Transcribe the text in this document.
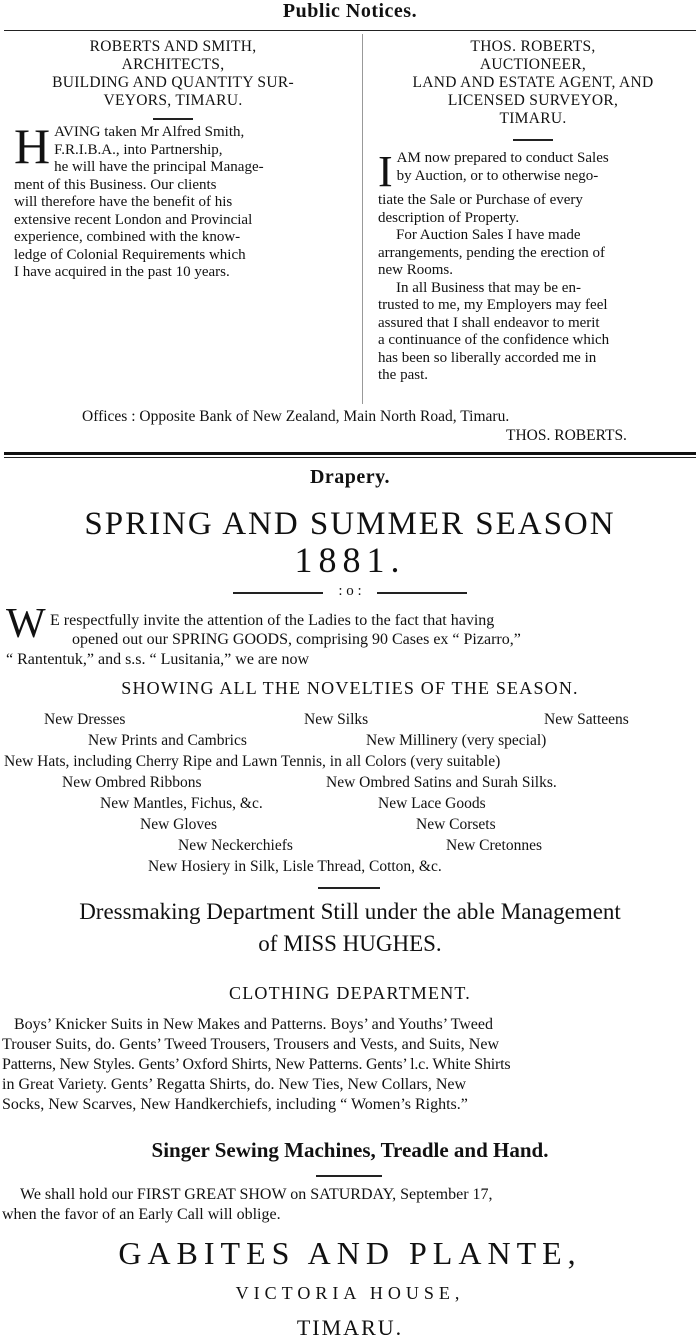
Public Notices.
ROBERTS AND SMITH,
ARCHITECTS,
BUILDING AND QUANTITY SUR-
VEYORS, TIMARU.
H AVING taken Mr Alfred Smith,
F.R.I.B.A., into Partnership,
he will have the principal Manage-
ment of this Business. Our clients
will therefore have the benefit of his
extensive recent London and Provincial
experience, combined with the know-
ledge of Colonial Requirements which
I have acquired in the past 10 years.
THOS. ROBERTS,
AUCTIONEER,
LAND AND ESTATE AGENT, AND
LICENSED SURVEYOR,
TIMARU.
I AM now prepared to conduct Sales
by Auction, or to otherwise nego-
tiate the Sale or Purchase of every
description of Property.
For Auction Sales I have made
arrangements, pending the erection of
new Rooms.
In all Business that may be en-
trusted to me, my Employers may feel
assured that I shall endeavor to merit
a continuance of the confidence which
has been so liberally accorded me in
the past.
Offices : Opposite Bank of New Zealand, Main North Road, Timaru.
THOS. ROBERTS.
Drapery.
SPRING AND SUMMER SEASON
1881.
: o :
W E respectfully invite the attention of the Ladies to the fact that having
opened out our SPRING GOODS, comprising 90 Cases ex “ Pizarro,”
“ Rantentuk,” and s.s. “ Lusitania,” we are now
SHOWING ALL THE NOVELTIES OF THE SEASON.
New Dresses	New Silks	New Satteens
New Prints and Cambrics	New Millinery (very special)
New Hats, including Cherry Ripe and Lawn Tennis, in all Colors (very suitable)
New Ombred Ribbons	New Ombred Satins and Surah Silks.
New Mantles, Fichus, &c.	New Lace Goods
New Gloves	New Corsets
New Neckerchiefs	New Cretonnes
New Hosiery in Silk, Lisle Thread, Cotton, &c.
Dressmaking Department Still under the able Management
of MISS HUGHES.
CLOTHING DEPARTMENT.
Boys’ Knicker Suits in New Makes and Patterns. Boys’ and Youths’ Tweed
Trouser Suits, do. Gents’ Tweed Trousers, Trousers and Vests, and Suits, New
Patterns, New Styles. Gents’ Oxford Shirts, New Patterns. Gents’ l.c. White Shirts
in Great Variety. Gents’ Regatta Shirts, do. New Ties, New Collars, New
Socks, New Scarves, New Handkerchiefs, including “ Women’s Rights.”
Singer Sewing Machines, Treadle and Hand.
We shall hold our FIRST GREAT SHOW on SATURDAY, September 17,
when the favor of an Early Call will oblige.
GABITES AND PLANTE,
VICTORIA HOUSE,
TIMARU.
